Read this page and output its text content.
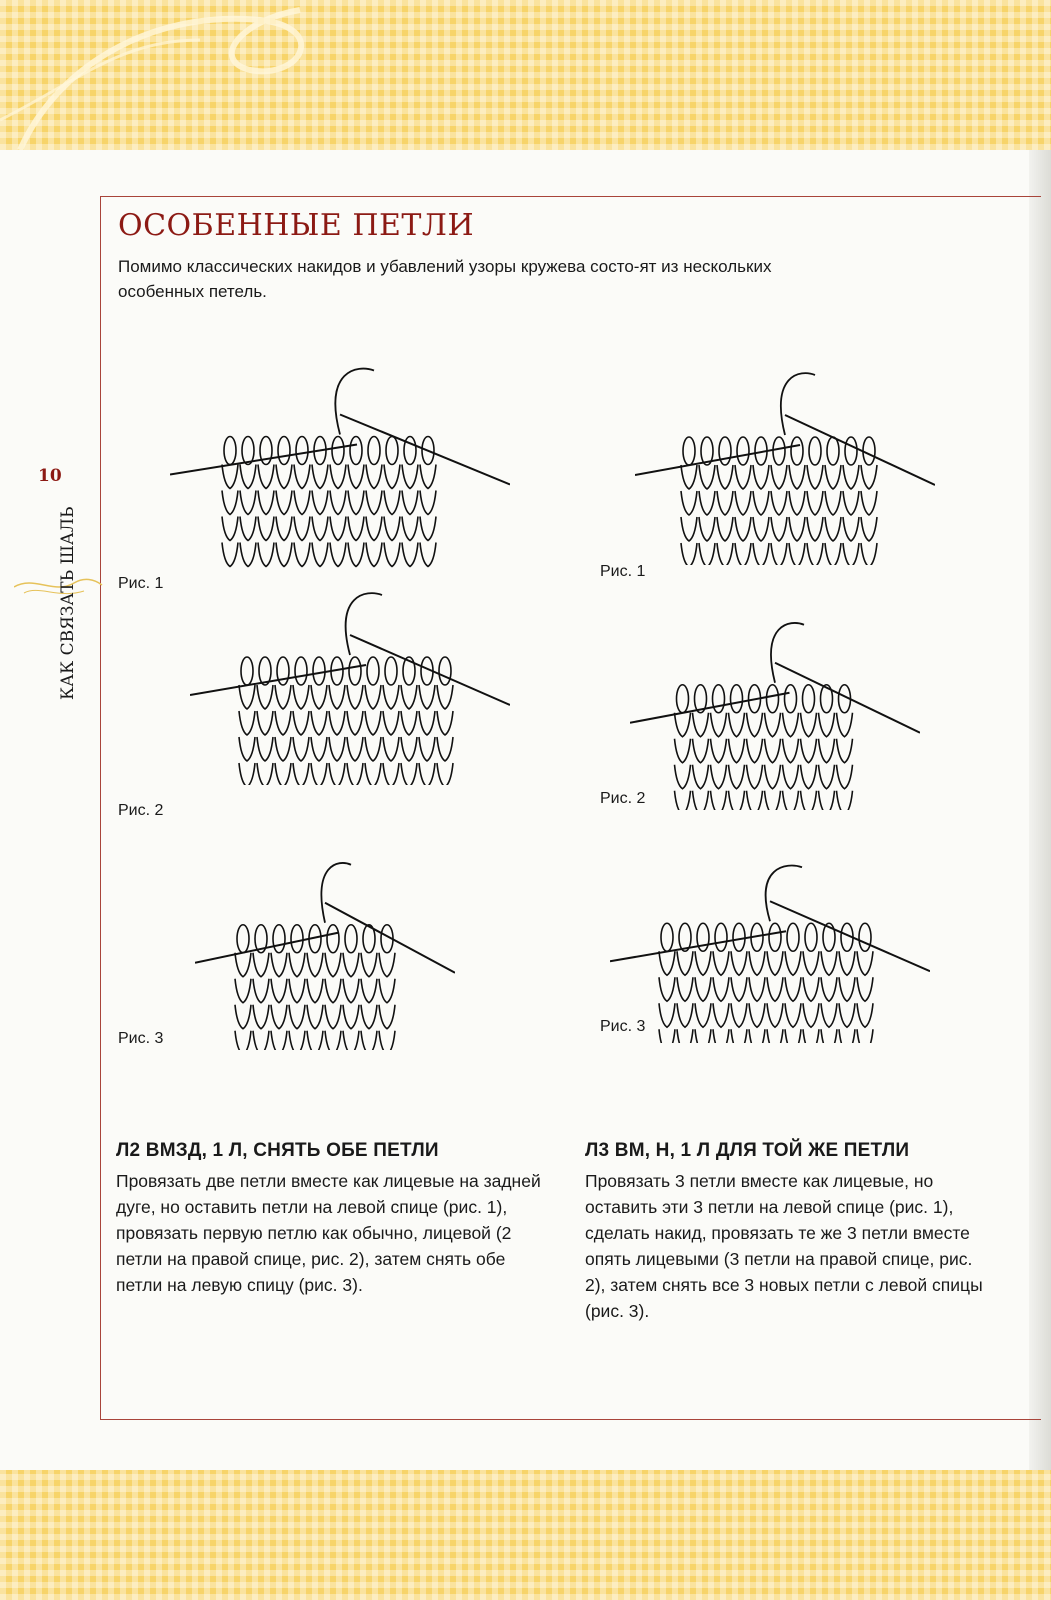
10
КАК СВЯЗАТЬ ШАЛЬ
ОСОБЕННЫЕ ПЕТЛИ
Помимо классических накидов и убавлений узоры кружева состо-ят из нескольких особенных петель.
Рис. 1
Рис. 2
Рис. 3
Рис. 1
Рис. 2
Рис. 3
Л2 ВМЗД, 1 Л, СНЯТЬ ОБЕ ПЕТЛИ

Провязать две петли вместе как лицевые на задней дуге, но оставить петли на левой спице (рис. 1), провязать первую петлю как обычно, лицевой (2 петли на правой спице, рис. 2), затем снять обе петли на левую спицу (рис. 3).

Л3 ВМ, Н, 1 Л ДЛЯ ТОЙ ЖЕ ПЕТЛИ

Провязать 3 петли вместе как лицевые, но оставить эти 3 петли на левой спице (рис. 1), сделать накид, провязать те же 3 петли вместе опять лицевыми (3 петли на правой спице, рис. 2), затем снять все 3 новых петли с левой спицы (рис. 3).
